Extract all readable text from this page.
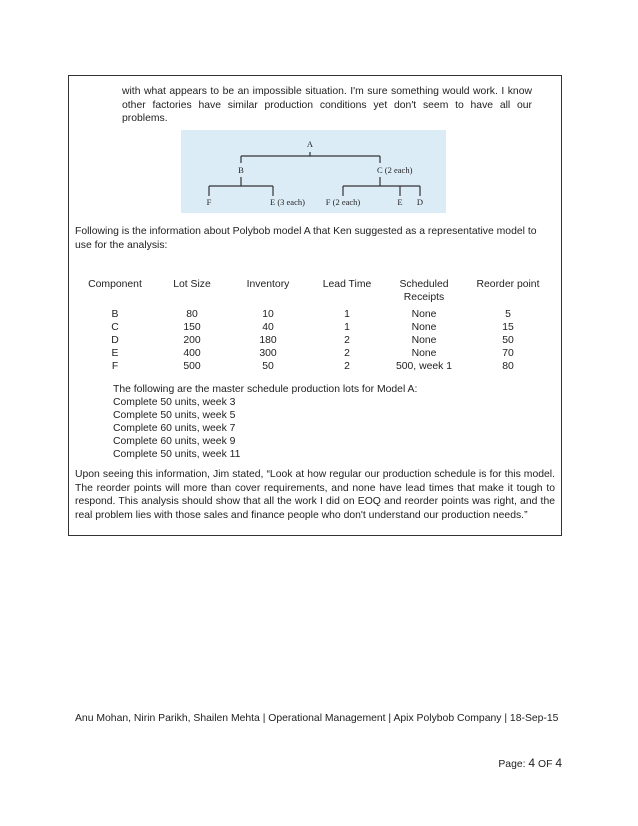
with what appears to be an impossible situation. I'm sure something would work. I know other factories have similar production conditions yet don't seem to have all our problems.

A
B	C (2 each)
F	E (3 each) F (2 each)	E D

Following is the information about Polybob model A that Ken suggested as a representative model to use for the analysis:

Component	Lot Size	Inventory	Lead Time	Scheduled Receipts	Reorder point
B	80	10	1	None	5
C	150	40	1	None	15
D	200	180	2	None	50
E	400	300	2	None	70
F	500	50	2	500, week 1	80
The following are the master schedule production lots for Model A:
Complete 50 units, week 3
Complete 50 units, week 5
Complete 60 units, week 7
Complete 60 units, week 9
Complete 50 units, week 11

Upon seeing this information, Jim stated, “Look at how regular our production schedule is for this model. The reorder points will more than cover requirements, and none have lead times that make it tough to respond. This analysis should show that all the work I did on EOQ and reorder points was right, and the real problem lies with those sales and finance people who don't understand our production needs.”

Anu Mohan, Nirin Parikh, Shailen Mehta | Operational Management | Apix Polybob Company | 18-Sep-15
Page: 4 OF 4
